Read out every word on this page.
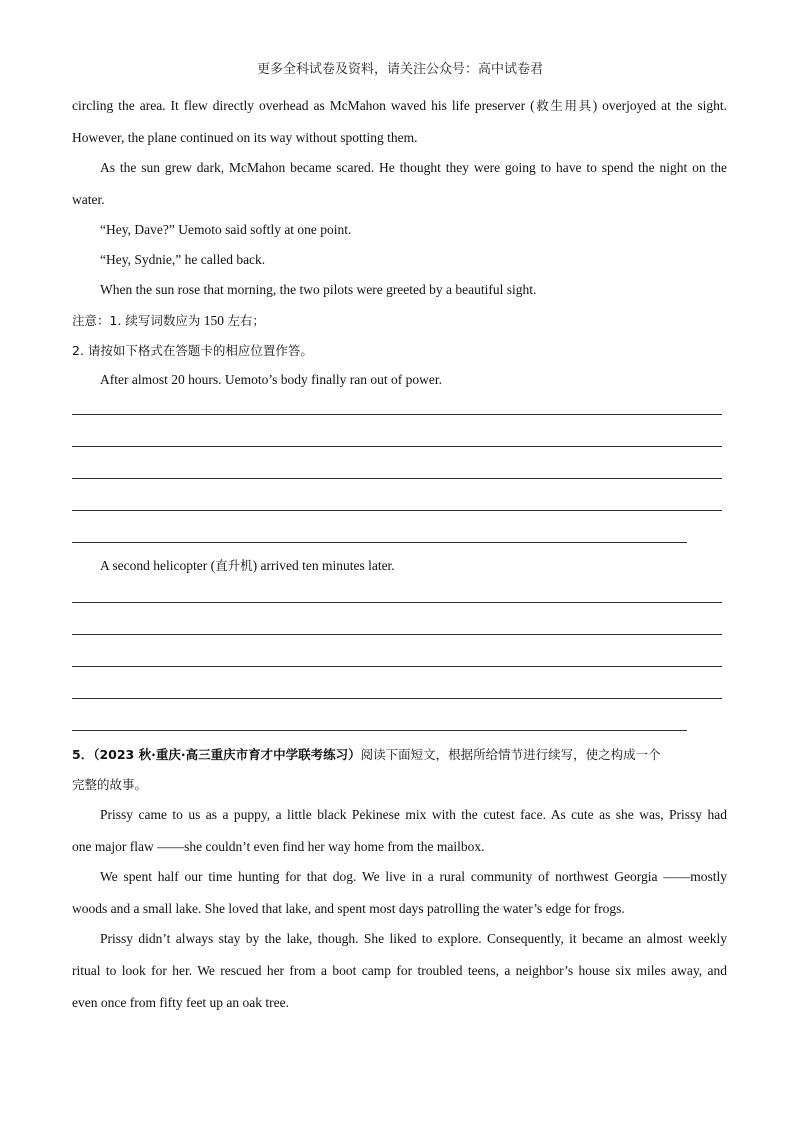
更多全科试卷及资料，请关注公众号：高中试卷君
circling the area. It flew directly overhead as McMahon waved his life preserver (救生用具) overjoyed at the sight.
However, the plane continued on its way without spotting them.
As the sun grew dark, McMahon became scared. He thought they were going to have to spend the night on the
water.
“Hey, Dave?” Uemoto said softly at one point.
“Hey, Sydnie,” he called back.
When the sun rose that morning, the two pilots were greeted by a beautiful sight.
注意：1. 续写词数应为 150 左右；
2. 请按如下格式在答题卡的相应位置作答。
After almost 20 hours. Uemoto’s body finally ran out of power.
A second helicopter (直升机) arrived ten minutes later.
5．（2023 秋·重庆·高三重庆市育才中学联考练习）阅读下面短文，根据所给情节进行续写，使之构成一个
完整的故事。
Prissy came to us as a puppy, a little black Pekinese mix with the cutest face. As cute as she was, Prissy had
one major flaw ——she couldn’t even find her way home from the mailbox.
We spent half our time hunting for that dog. We live in a rural community of northwest Georgia ——mostly
woods and a small lake. She loved that lake, and spent most days patrolling the water’s edge for frogs.
Prissy didn’t always stay by the lake, though. She liked to explore. Consequently, it became an almost weekly
ritual to look for her. We rescued her from a boot camp for troubled teens, a neighbor’s house six miles away, and
even once from fifty feet up an oak tree.
